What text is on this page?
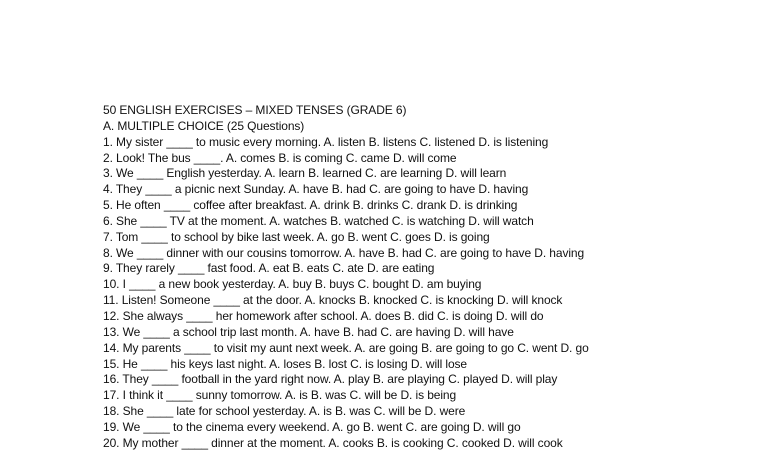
50 ENGLISH EXERCISES – MIXED TENSES (GRADE 6)
A. MULTIPLE CHOICE (25 Questions)
1. My sister ____ to music every morning. A. listen B. listens C. listened D. is listening
2. Look! The bus ____. A. comes B. is coming C. came D. will come
3. We ____ English yesterday. A. learn B. learned C. are learning D. will learn
4. They ____ a picnic next Sunday. A. have B. had C. are going to have D. having
5. He often ____ coffee after breakfast. A. drink B. drinks C. drank D. is drinking
6. She ____ TV at the moment. A. watches B. watched C. is watching D. will watch
7. Tom ____ to school by bike last week. A. go B. went C. goes D. is going
8. We ____ dinner with our cousins tomorrow. A. have B. had C. are going to have D. having
9. They rarely ____ fast food. A. eat B. eats C. ate D. are eating
10. I ____ a new book yesterday. A. buy B. buys C. bought D. am buying
11. Listen! Someone ____ at the door. A. knocks B. knocked C. is knocking D. will knock
12. She always ____ her homework after school. A. does B. did C. is doing D. will do
13. We ____ a school trip last month. A. have B. had C. are having D. will have
14. My parents ____ to visit my aunt next week. A. are going B. are going to go C. went D. go
15. He ____ his keys last night. A. loses B. lost C. is losing D. will lose
16. They ____ football in the yard right now. A. play B. are playing C. played D. will play
17. I think it ____ sunny tomorrow. A. is B. was C. will be D. is being
18. She ____ late for school yesterday. A. is B. was C. will be D. were
19. We ____ to the cinema every weekend. A. go B. went C. are going D. will go
20. My mother ____ dinner at the moment. A. cooks B. is cooking C. cooked D. will cook
